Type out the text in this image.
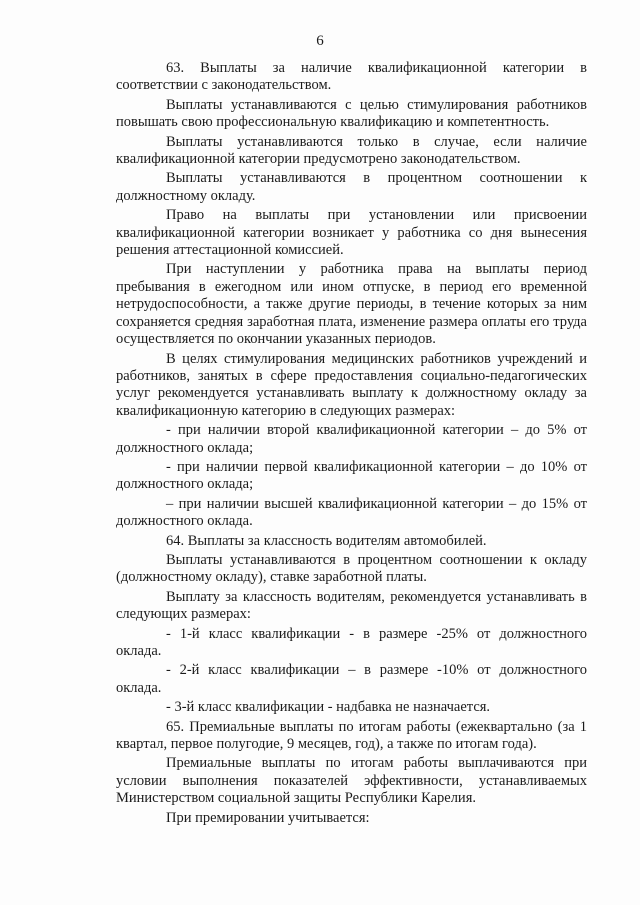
6

63. Выплаты за наличие квалификационной категории в соответствии с законодательством.

Выплаты устанавливаются с целью стимулирования работников повышать свою профессиональную квалификацию и компетентность.

Выплаты устанавливаются только в случае, если наличие квалификационной категории предусмотрено законодательством.

Выплаты устанавливаются в процентном соотношении к должностному окладу.

Право на выплаты при установлении или присвоении квалификационной категории возникает у работника со дня вынесения решения аттестационной комиссией.

При наступлении у работника права на выплаты период пребывания в ежегодном или ином отпуске, в период его временной нетрудоспособности, а также другие периоды, в течение которых за ним сохраняется средняя заработная плата, изменение размера оплаты его труда осуществляется по окончании указанных периодов.

В целях стимулирования медицинских работников учреждений и работников, занятых в сфере предоставления социально-педагогических услуг рекомендуется устанавливать выплату к должностному окладу за квалификационную категорию в следующих размерах:

- при наличии второй квалификационной категории – до 5% от должностного оклада;

- при наличии первой квалификационной категории – до 10% от должностного оклада;

– при наличии высшей квалификационной категории – до 15% от должностного оклада.

64. Выплаты за классность водителям автомобилей.

Выплаты устанавливаются в процентном соотношении к окладу (должностному окладу), ставке заработной платы.

Выплату за классность водителям, рекомендуется устанавливать в следующих размерах:

- 1-й класс квалификации - в размере -25% от должностного оклада.

- 2-й класс квалификации – в размере -10% от должностного оклада.

- 3-й класс квалификации - надбавка не назначается.

65. Премиальные выплаты по итогам работы (ежеквартально (за 1 квартал, первое полугодие, 9 месяцев, год), а также по итогам года).

Премиальные выплаты по итогам работы выплачиваются при условии выполнения показателей эффективности, устанавливаемых Министерством социальной защиты Республики Карелия.

При премировании учитывается:
